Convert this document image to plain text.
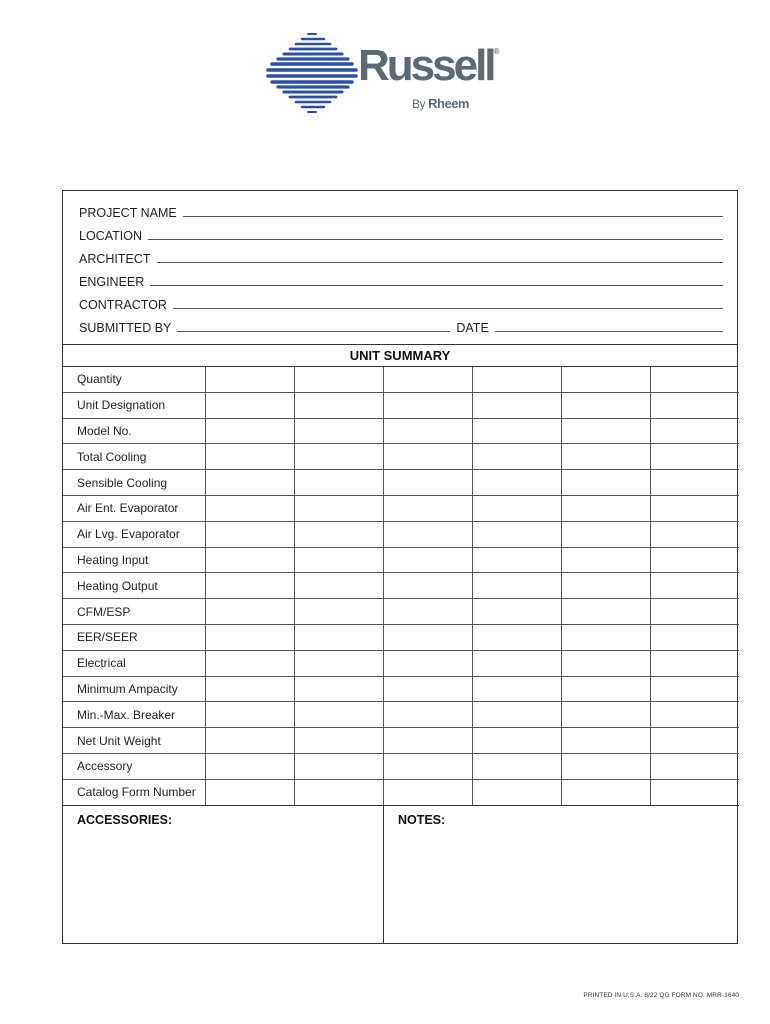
Russell®
By Rheem
PROJECT NAME
LOCATION
ARCHITECT
ENGINEER
CONTRACTOR
SUBMITTED BY	DATE
UNIT SUMMARY
Quantity						
Unit Designation						
Model No.						
Total Cooling						
Sensible Cooling						
Air Ent. Evaporator						
Air Lvg. Evaporator						
Heating Input						
Heating Output						
CFM/ESP						
EER/SEER						
Electrical						
Minimum Ampacity						
Min.-Max. Breaker						
Net Unit Weight						
Accessory						
Catalog Form Number						
ACCESSORIES:	NOTES:
PRINTED IN U.S.A. 8/22 QG FORM NO. MRR-1640
